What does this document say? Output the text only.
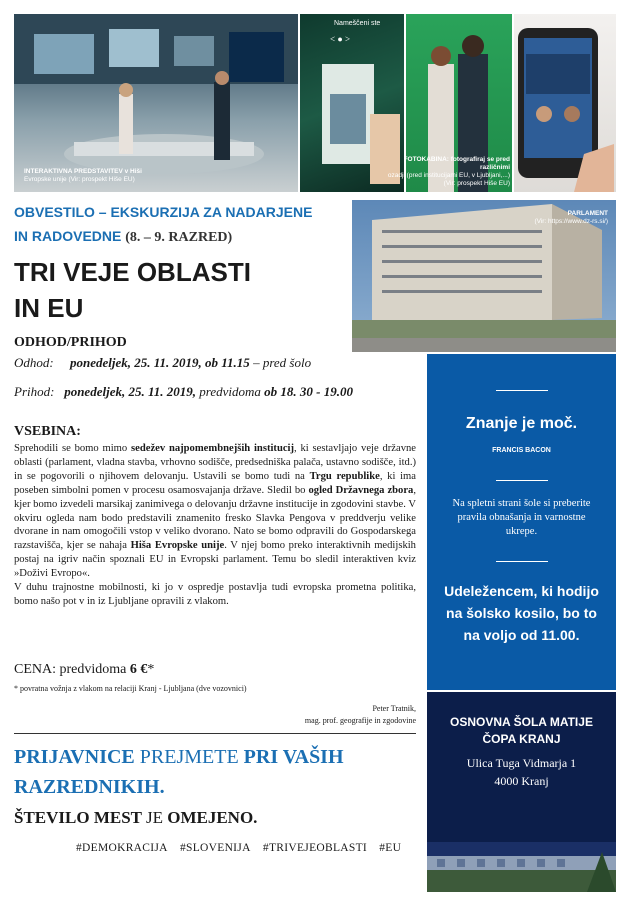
INTERAKTIVNA PREDSTAVITEV v Hiši
Evropske unije (Vir: prospekt Hiše EU)
Nameščeni ste
< ● >
FOTOKABINA: fotografiraj se pred različnimi
ozadji (pred institucijami EU, v Ljubljani,...)
(Vir: prospekt Hiše EU)
OBVESTILO – EKSKURZIJA ZA NADARJENE
IN RADOVEDNE (8. – 9. RAZRED)
TRI VEJE OBLASTI
IN EU
PARLAMENT
(Vir: https://www.dz-rs.si/)
ODHOD/PRIHOD
Odhod: ponedeljek, 25. 11. 2019, ob 11.15 – pred šolo
Prihod: ponedeljek, 25. 11. 2019, predvidoma ob 18. 30 - 19.00
VSEBINA:
Sprehodili se bomo mimo sedežev najpomembnejših institucij, ki sestavljajo veje državne oblasti (parlament, vladna stavba, vrhovno sodišče, predsedniška palača, ustavno sodišče, itd.) in se pogovorili o njihovem delovanju. Ustavili se bomo tudi na Trgu republike, ki ima poseben simbolni pomen v procesu osamosvajanja države. Sledil bo ogled Državnega zbora, kjer bomo izvedeli marsikaj zanimivega o delovanju državne institucije in zgodovini stavbe. V okviru ogleda nam bodo predstavili znamenito fresko Slavka Pengova v preddverju velike dvorane in nam omogočili vstop v veliko dvorano. Nato se bomo odpravili do Gospodarskega razstavišča, kjer se nahaja Hiša Evropske unije. V njej bomo preko interaktivnih medijskih postaj na igriv način spoznali EU in Evropski parlament. Temu bo sledil interaktiven kviz »Doživi Evropo«.
V duhu trajnostne mobilnosti, ki jo v ospredje postavlja tudi evropska prometna politika, bomo našo pot v in iz Ljubljane opravili z vlakom.
CENA: predvidoma 6 €*
* povratna vožnja z vlakom na relaciji Kranj - Ljubljana (dve vozovnici)
Peter Tratnik,
mag. prof. geografije in zgodovine
PRIJAVNICE PREJMETE PRI VAŠIH
RAZREDNIKIH.
ŠTEVILO MEST JE OMEJENO.
#DEMOKRACIJA #SLOVENIJA #TRIVEJEOBLASTI #EU
Znanje je moč.
FRANCIS BACON
Na spletni strani šole si preberite pravila obnašanja in varnostne ukrepe.
Udeležencem, ki hodijo na šolsko kosilo, bo to na voljo od 11.00.
OSNOVNA ŠOLA MATIJE
ČOPA KRANJ
Ulica Tuga Vidmarja 1
4000 Kranj
